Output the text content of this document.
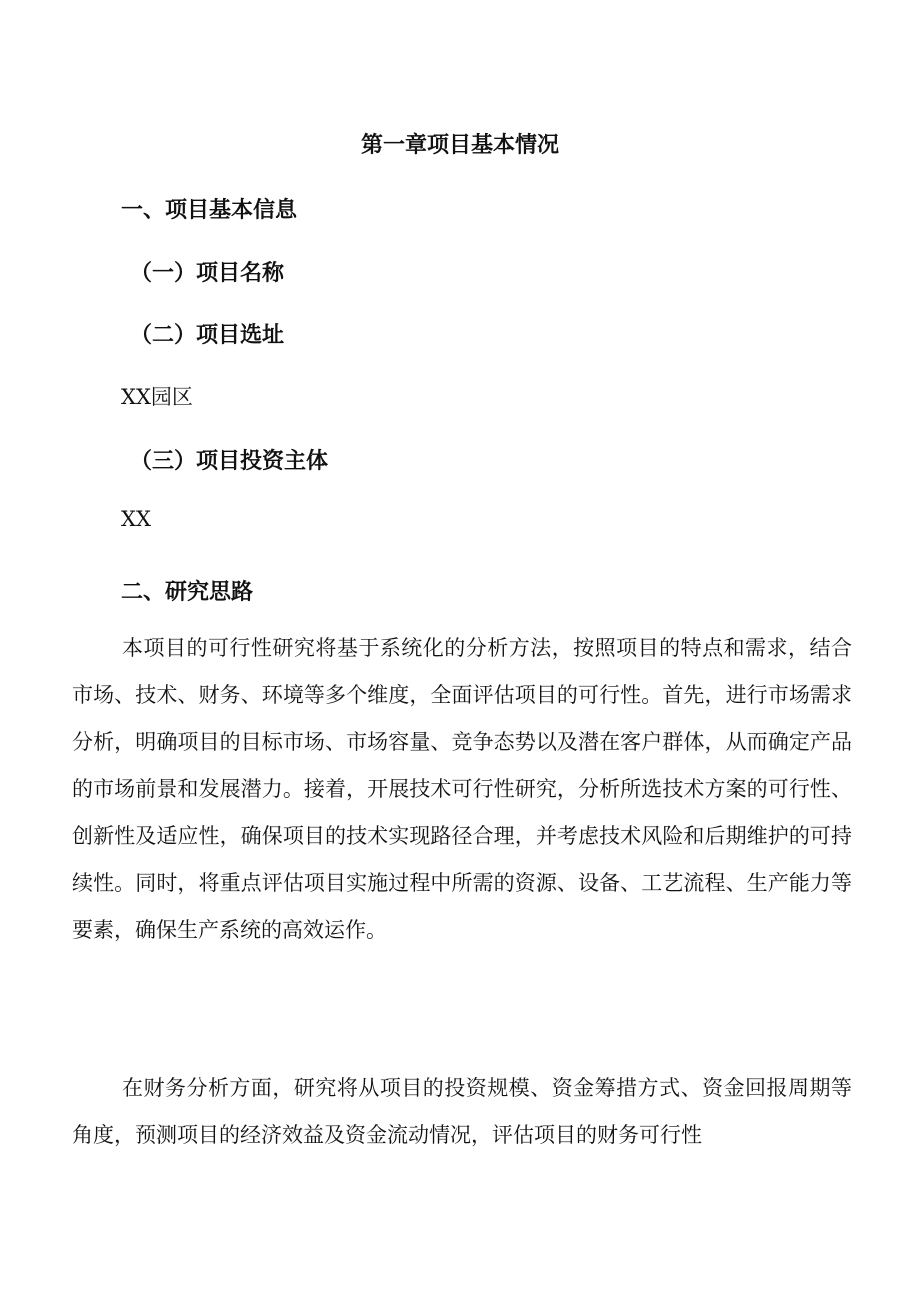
第一章项目基本情况
一、项目基本信息
（一）项目名称
（二）项目选址

XX园区

（三）项目投资主体

XX

二、研究思路

本项目的可行性研究将基于系统化的分析方法，按照项目的特点和需求，结合市场、技术、财务、环境等多个维度，全面评估项目的可行性。首先，进行市场需求分析，明确项目的目标市场、市场容量、竞争态势以及潜在客户群体，从而确定产品的市场前景和发展潜力。接着，开展技术可行性研究，分析所选技术方案的可行性、创新性及适应性，确保项目的技术实现路径合理，并考虑技术风险和后期维护的可持续性。同时，将重点评估项目实施过程中所需的资源、设备、工艺流程、生产能力等要素，确保生产系统的高效运作。

在财务分析方面，研究将从项目的投资规模、资金筹措方式、资金回报周期等角度，预测项目的经济效益及资金流动情况，评估项目的财务可行性
